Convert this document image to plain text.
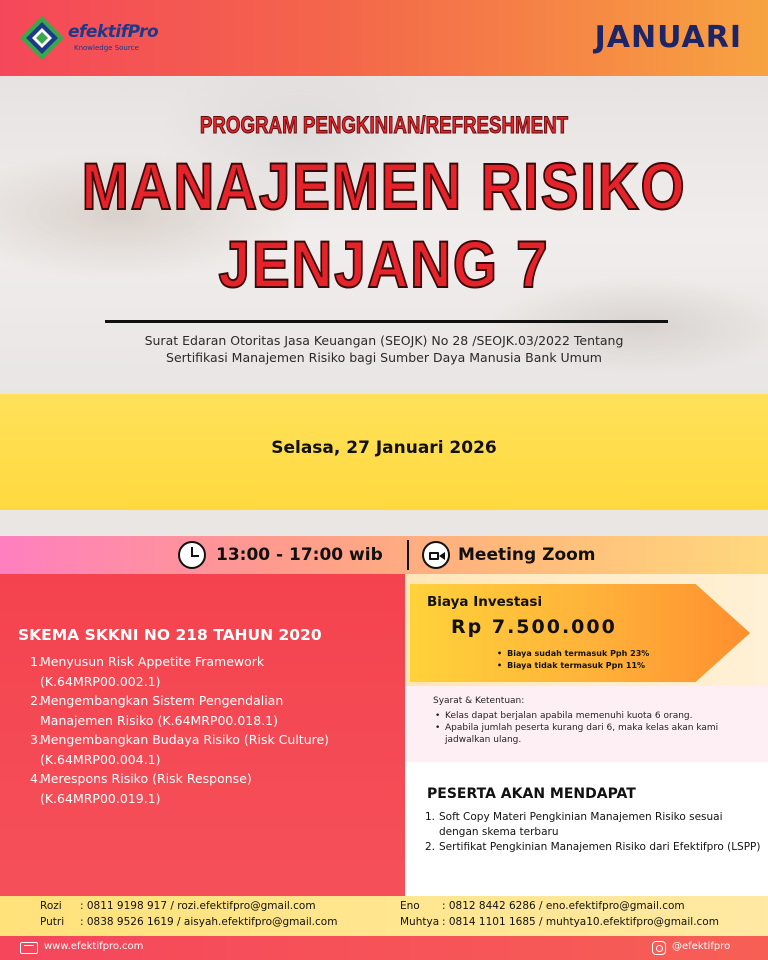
efektifPro
Knowledge Source	JANUARI
PROGRAM PENGKINIAN/REFRESHMENT
MANAJEMEN RISIKO
JENJANG 7
Surat Edaran Otoritas Jasa Keuangan (SEOJK) No 28 /SEOJK.03/2022 Tentang
Sertifikasi Manajemen Risiko bagi Sumber Daya Manusia Bank Umum
Selasa, 27 Januari 2026
13:00 - 17:00 wib	Meeting Zoom
SKEMA SKKNI NO 218 TAHUN 2020
1.
Menyusun Risk Appetite Framework
(K.64MRP00.002.1)
2.
Mengembangkan Sistem Pengendalian
Manajemen Risiko (K.64MRP00.018.1)
3.
Mengembangkan Budaya Risiko (Risk Culture)
(K.64MRP00.004.1)
4.
Merespons Risiko (Risk Response)
(K.64MRP00.019.1)
Biaya Investasi
Rp 7.500.000
• Biaya sudah termasuk Pph 23%
• Biaya tidak termasuk Ppn 11%
Syarat & Ketentuan:
• Kelas dapat berjalan apabila memenuhi kuota 6 orang.
• Apabila jumlah peserta kurang dari 6, maka kelas akan kami jadwalkan ulang.
PESERTA AKAN MENDAPAT
1. Soft Copy Materi Pengkinian Manajemen Risiko sesuai dengan skema terbaru
2. Sertifikat Pengkinian Manajemen Risiko dari Efektifpro (LSPP)
Rozi : 0811 9198 917 / rozi.efektifpro@gmail.com
Putri : 0838 9526 1619 / aisyah.efektifpro@gmail.com
Eno : 0812 8442 6286 / eno.efektifpro@gmail.com
Muhtya : 0814 1101 1685 / muhtya10.efektifpro@gmail.com
www.efektifpro.com	@efektifpro
